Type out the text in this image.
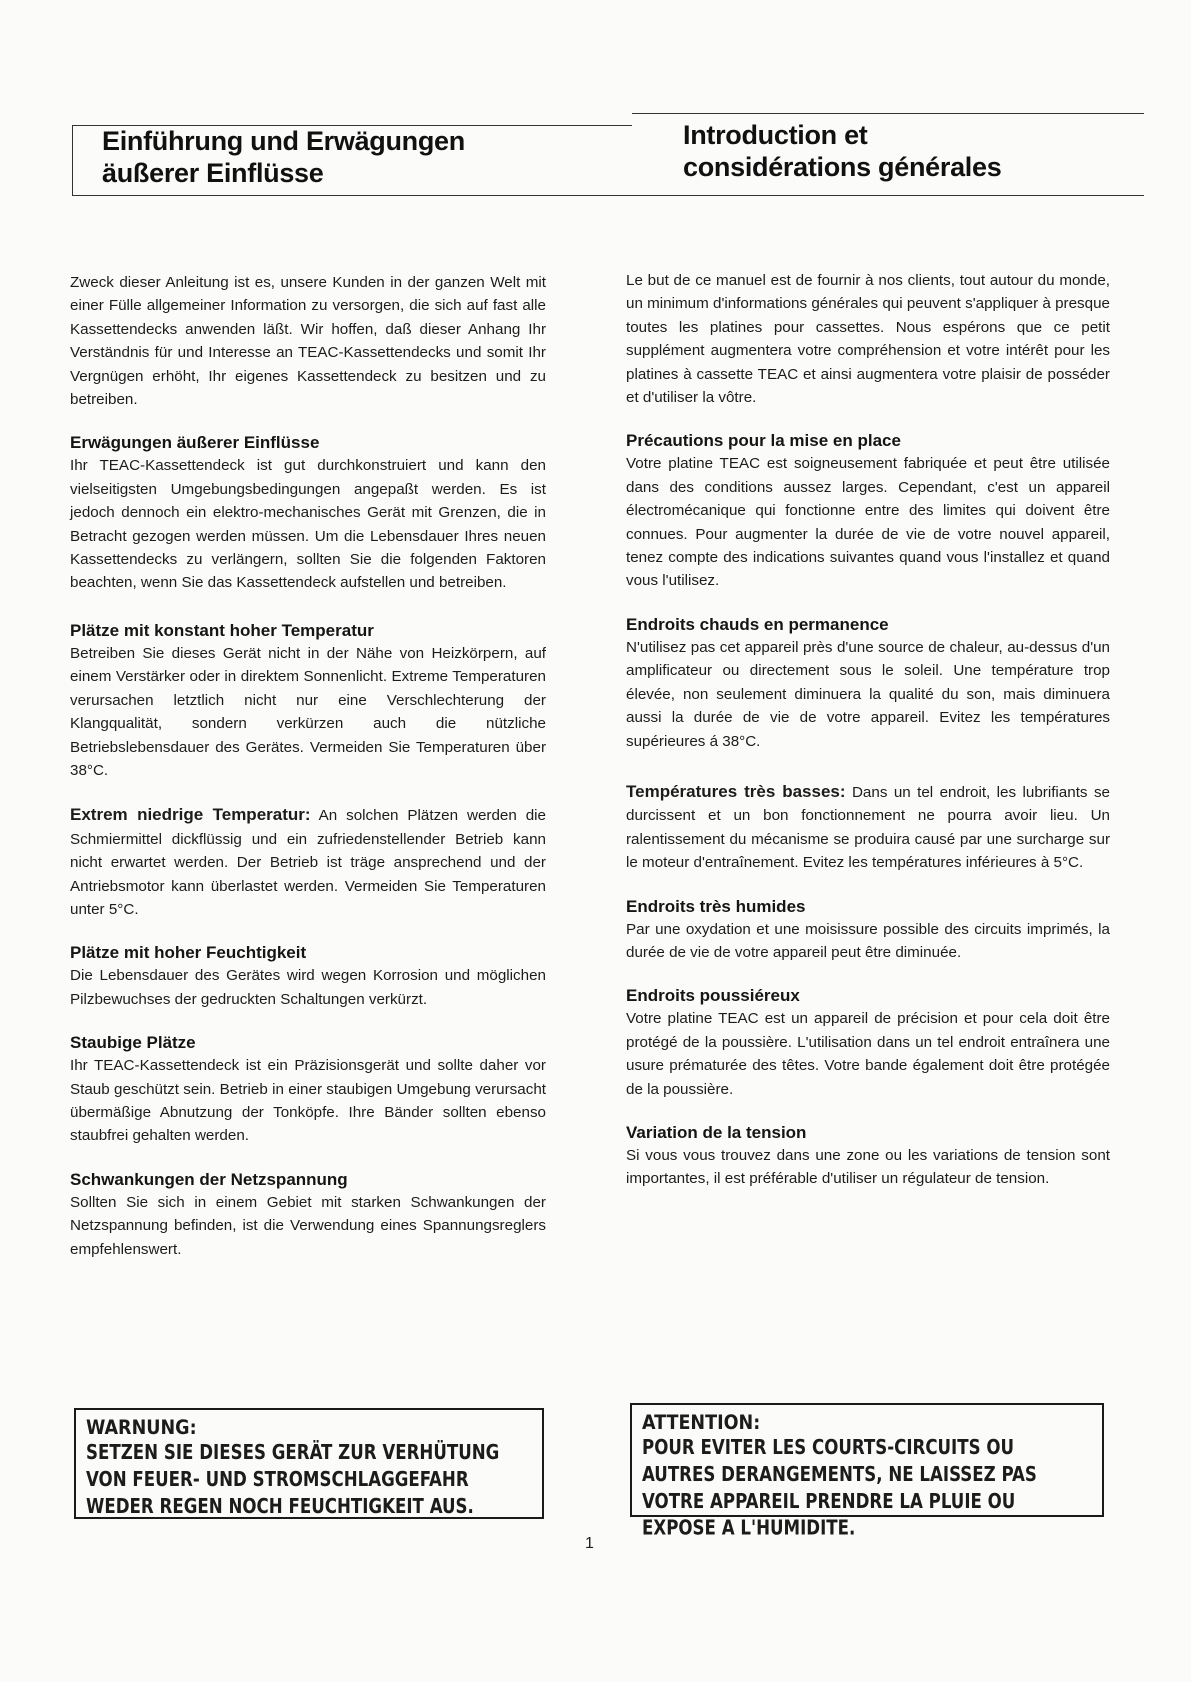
Einführung und Erwägungen
äußerer Einflüsse
Introduction et
considérations générales

Zweck dieser Anleitung ist es, unsere Kunden in der ganzen Welt mit einer Fülle allgemeiner Information zu versorgen, die sich auf fast alle Kassettendecks anwenden läßt. Wir hoffen, daß dieser Anhang Ihr Verständnis für und Interesse an TEAC-Kassettendecks und somit Ihr Vergnügen erhöht, Ihr eigenes Kassettendeck zu besitzen und zu betreiben.

Erwägungen äußerer Einflüsse

Ihr TEAC-Kassettendeck ist gut durchkonstruiert und kann den vielseitigsten Umgebungsbedingungen angepaßt werden. Es ist jedoch dennoch ein elektro-mechanisches Gerät mit Grenzen, die in Betracht gezogen werden müssen. Um die Lebensdauer Ihres neuen Kassettendecks zu verlängern, sollten Sie die folgenden Faktoren beachten, wenn Sie das Kassettendeck aufstellen und betreiben.

Plätze mit konstant hoher Temperatur

Betreiben Sie dieses Gerät nicht in der Nähe von Heizkörpern, auf einem Verstärker oder in direktem Sonnenlicht. Extreme Temperaturen verursachen letztlich nicht nur eine Verschlechterung der Klangqualität, sondern verkürzen auch die nützliche Betriebslebensdauer des Gerätes. Vermeiden Sie Temperaturen über 38°C.

Extrem niedrige Temperatur: An solchen Plätzen werden die Schmiermittel dickflüssig und ein zufriedenstellender Betrieb kann nicht erwartet werden. Der Betrieb ist träge ansprechend und der Antriebsmotor kann überlastet werden. Vermeiden Sie Temperaturen unter 5°C.

Plätze mit hoher Feuchtigkeit

Die Lebensdauer des Gerätes wird wegen Korrosion und möglichen Pilzbewuchses der gedruckten Schaltungen verkürzt.

Staubige Plätze

Ihr TEAC-Kassettendeck ist ein Präzisionsgerät und sollte daher vor Staub geschützt sein. Betrieb in einer staubigen Umgebung verursacht übermäßige Abnutzung der Tonköpfe. Ihre Bänder sollten ebenso staubfrei gehalten werden.

Schwankungen der Netzspannung

Sollten Sie sich in einem Gebiet mit starken Schwankungen der Netzspannung befinden, ist die Verwendung eines Spannungsreglers empfehlenswert.

Le but de ce manuel est de fournir à nos clients, tout autour du monde, un minimum d'informations générales qui peuvent s'appliquer à presque toutes les platines pour cassettes. Nous espérons que ce petit supplément augmentera votre compréhension et votre intérêt pour les platines à cassette TEAC et ainsi augmentera votre plaisir de posséder et d'utiliser la vôtre.

Précautions pour la mise en place

Votre platine TEAC est soigneusement fabriquée et peut être utilisée dans des conditions aussez larges. Cependant, c'est un appareil électromécanique qui fonctionne entre des limites qui doivent être connues. Pour augmenter la durée de vie de votre nouvel appareil, tenez compte des indications suivantes quand vous l'installez et quand vous l'utilisez.

Endroits chauds en permanence

N'utilisez pas cet appareil près d'une source de chaleur, au-dessus d'un amplificateur ou directement sous le soleil. Une température trop élevée, non seulement diminuera la qualité du son, mais diminuera aussi la durée de vie de votre appareil. Evitez les températures supérieures á 38°C.

Températures très basses: Dans un tel endroit, les lubrifiants se durcissent et un bon fonctionnement ne pourra avoir lieu. Un ralentissement du mécanisme se produira causé par une surcharge sur le moteur d'entraînement. Evitez les températures inférieures à 5°C.

Endroits très humides

Par une oxydation et une moisissure possible des circuits imprimés, la durée de vie de votre appareil peut être diminuée.

Endroits poussiéreux

Votre platine TEAC est un appareil de précision et pour cela doit être protégé de la poussière. L'utilisation dans un tel endroit entraînera une usure prématurée des têtes. Votre bande également doit être protégée de la poussière.

Variation de la tension

Si vous vous trouvez dans une zone ou les variations de tension sont importantes, il est préférable d'utiliser un régulateur de tension.

WARNUNG:
SETZEN SIE DIESES GERÄT ZUR VERHÜTUNG VON FEUER- UND STROMSCHLAGGEFAHR WEDER REGEN NOCH FEUCHTIGKEIT AUS.
ATTENTION:
POUR EVITER LES COURTS-CIRCUITS OU AUTRES DERANGEMENTS, NE LAISSEZ PAS VOTRE APPAREIL PRENDRE LA PLUIE OU EXPOSE A L'HUMIDITE.
1
